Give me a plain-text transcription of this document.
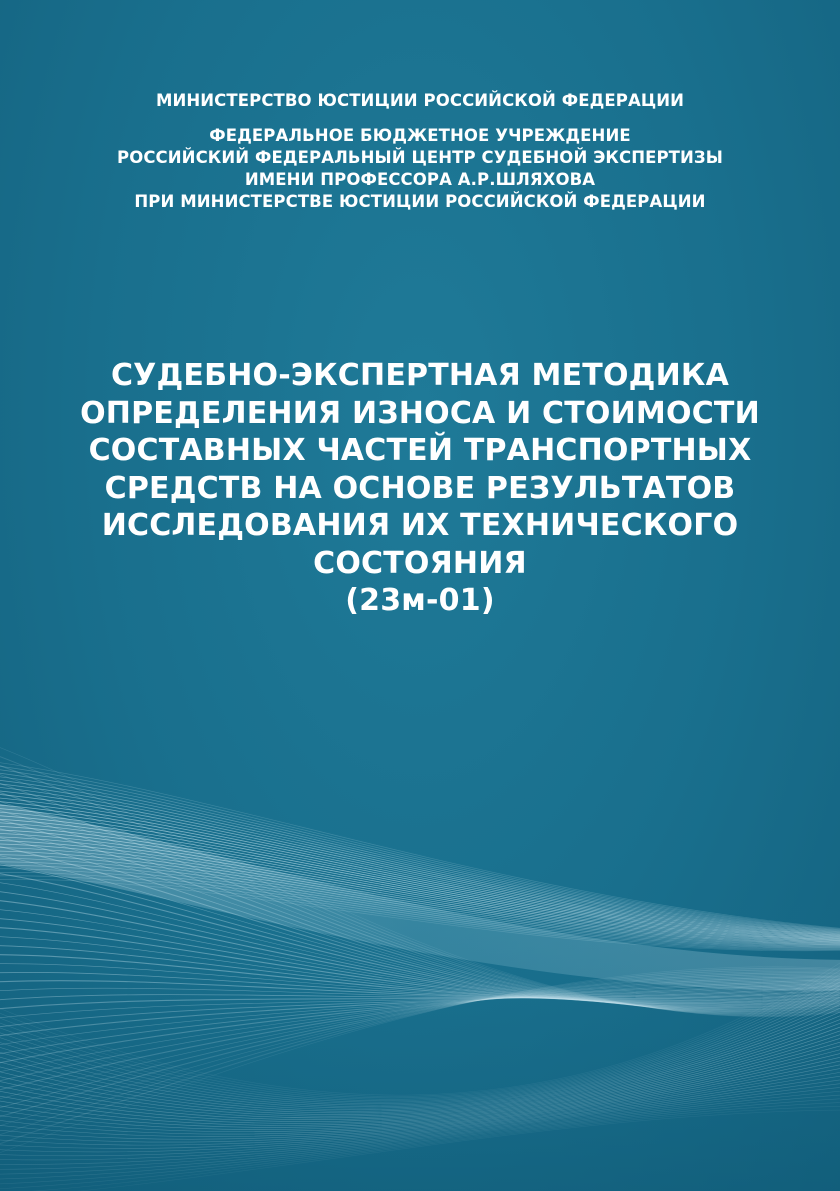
МИНИСТЕРСТВО ЮСТИЦИИ РОССИЙСКОЙ ФЕДЕРАЦИИ
ФЕДЕРАЛЬНОЕ БЮДЖЕТНОЕ УЧРЕЖДЕНИЕ
РОССИЙСКИЙ ФЕДЕРАЛЬНЫЙ ЦЕНТР СУДЕБНОЙ ЭКСПЕРТИЗЫ
ИМЕНИ ПРОФЕССОРА А.Р.ШЛЯХОВА
ПРИ МИНИСТЕРСТВЕ ЮСТИЦИИ РОССИЙСКОЙ ФЕДЕРАЦИИ
СУДЕБНО-ЭКСПЕРТНАЯ МЕТОДИКА
ОПРЕДЕЛЕНИЯ ИЗНОСА И СТОИМОСТИ
СОСТАВНЫХ ЧАСТЕЙ ТРАНСПОРТНЫХ
СРЕДСТВ НА ОСНОВЕ РЕЗУЛЬТАТОВ
ИССЛЕДОВАНИЯ ИХ ТЕХНИЧЕСКОГО
СОСТОЯНИЯ
(23м-01)
